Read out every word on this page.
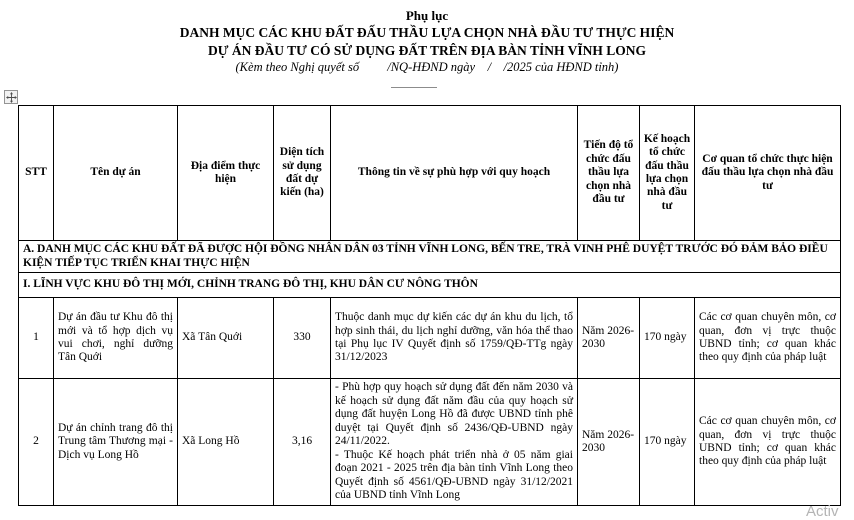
Phụ lục
DANH MỤC CÁC KHU ĐẤT ĐẤU THẦU LỰA CHỌN NHÀ ĐẦU TƯ THỰC HIỆN
DỰ ÁN ĐẦU TƯ CÓ SỬ DỤNG ĐẤT TRÊN ĐỊA BÀN TỈNH VĨNH LONG
(Kèm theo Nghị quyết số         /NQ-HĐND ngày    /    /2025 của HĐND tỉnh)
STT	Tên dự án	Địa điểm thực hiện	Diện tích sử dụng đất dự kiến (ha)	Thông tin về sự phù hợp với quy hoạch	Tiến độ tổ chức đấu thầu lựa chọn nhà đầu tư	Kế hoạch tổ chức đấu thầu lựa chọn nhà đầu tư	Cơ quan tổ chức thực hiện đấu thầu lựa chọn nhà đầu tư
A. DANH MỤC CÁC KHU ĐẤT ĐÃ ĐƯỢC HỘI ĐỒNG NHÂN DÂN 03 TỈNH VĨNH LONG, BẾN TRE, TRÀ VINH PHÊ DUYỆT TRƯỚC ĐÓ ĐẢM BẢO ĐIỀU KIỆN TIẾP TỤC TRIỂN KHAI THỰC HIỆN							
I. LĨNH VỰC KHU ĐÔ THỊ MỚI, CHỈNH TRANG ĐÔ THỊ, KHU DÂN CƯ NÔNG THÔN							
1	Dự án đầu tư Khu đô thị mới và tổ hợp dịch vụ vui chơi, nghỉ dưỡng Tân Quới	Xã Tân Quới	330	Thuộc danh mục dự kiến các dự án khu du lịch, tổ hợp sinh thái, du lịch nghỉ dưỡng, văn hóa thể thao tại Phụ lục IV Quyết định số 1759/QĐ-TTg ngày 31/12/2023	Năm 2026-2030	170 ngày	Các cơ quan chuyên môn, cơ quan, đơn vị trực thuộc UBND tỉnh; cơ quan khác theo quy định của pháp luật
2	Dự án chỉnh trang đô thị Trung tâm Thương mại - Dịch vụ Long Hồ	Xã Long Hồ	3,16	- Phù hợp quy hoạch sử dụng đất đến năm 2030 và kế hoạch sử dụng đất năm đầu của quy hoạch sử dụng đất huyện Long Hồ đã được UBND tỉnh phê duyệt tại Quyết định số 2436/QĐ-UBND ngày 24/11/2022.
- Thuộc Kế hoạch phát triển nhà ở 05 năm giai đoạn 2021 - 2025 trên địa bàn tỉnh Vĩnh Long theo Quyết định số 4561/QĐ-UBND ngày 31/12/2021 của UBND tỉnh Vĩnh Long	Năm 2026-2030	170 ngày	Các cơ quan chuyên môn, cơ quan, đơn vị trực thuộc UBND tỉnh; cơ quan khác theo quy định của pháp luật
Activ
